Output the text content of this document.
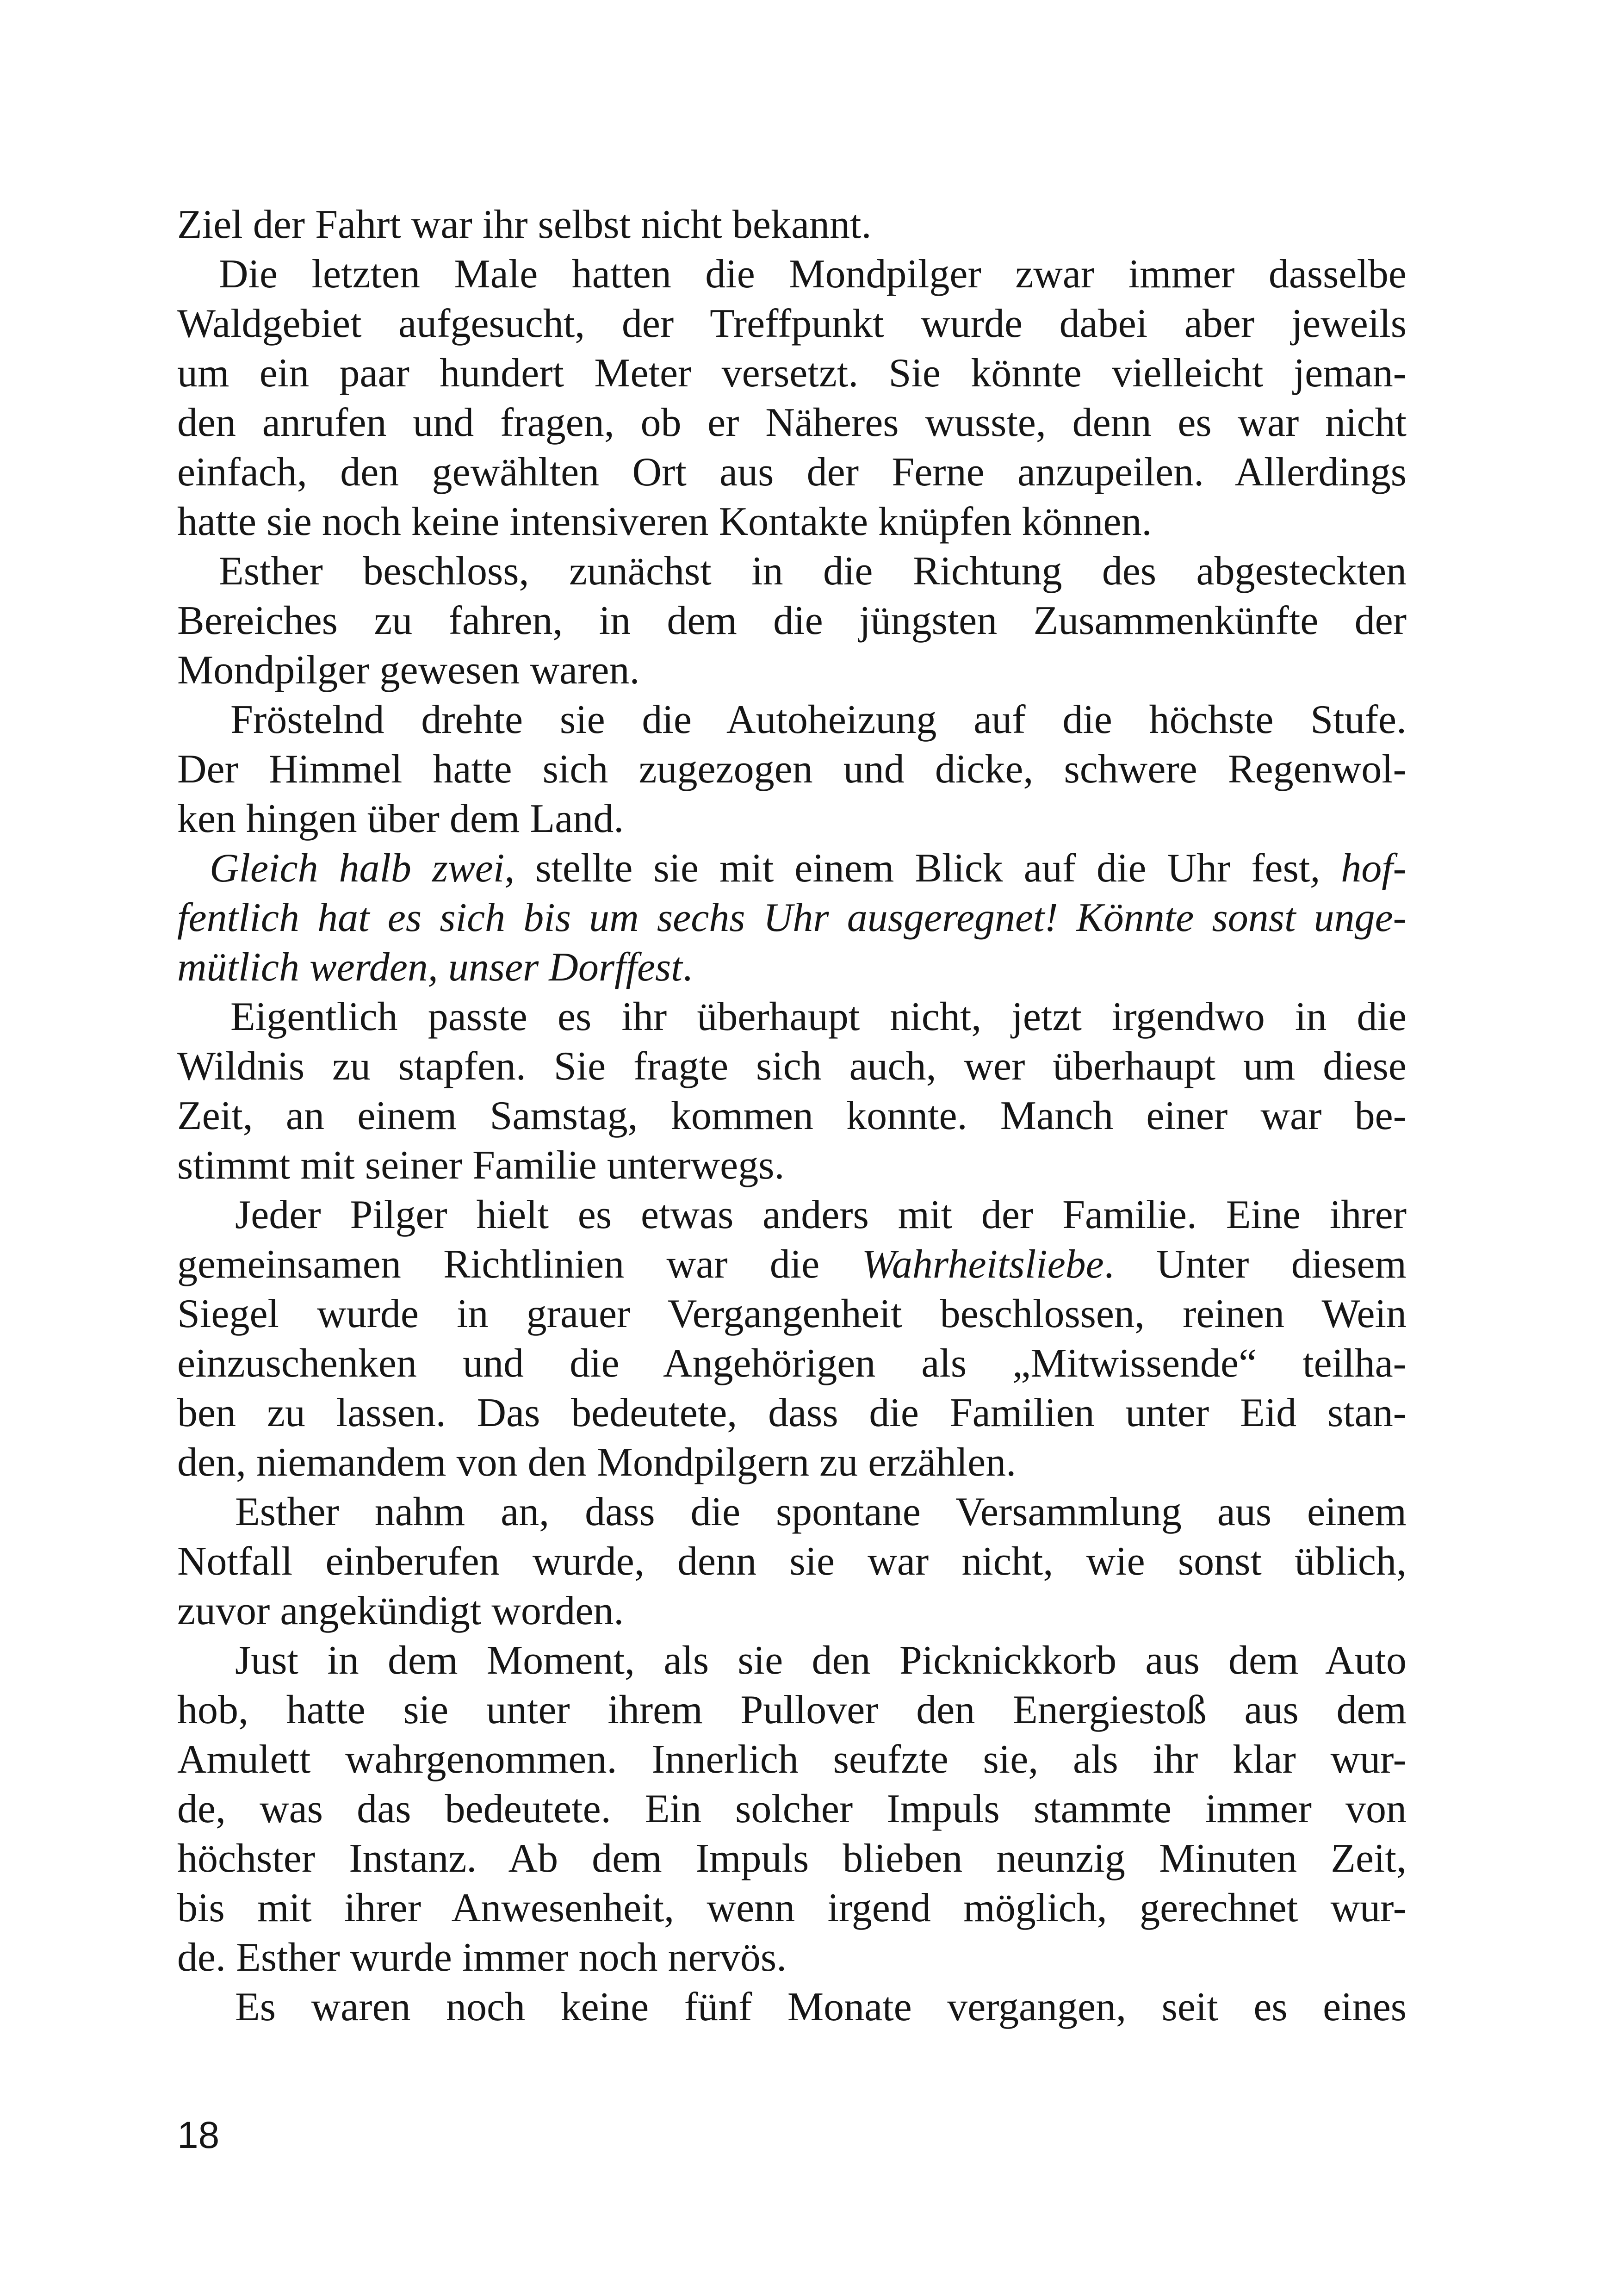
Ziel der Fahrt war ihr selbst nicht bekannt.
Die letzten Male hatten die Mondpilger zwar immer dasselbe
Waldgebiet aufgesucht, der Treffpunkt wurde dabei aber jeweils
um ein paar hundert Meter versetzt. Sie könnte vielleicht jeman-
den anrufen und fragen, ob er Näheres wusste, denn es war nicht
einfach, den gewählten Ort aus der Ferne anzupeilen. Allerdings
hatte sie noch keine intensiveren Kontakte knüpfen können.
Esther beschloss, zunächst in die Richtung des abgesteckten
Bereiches zu fahren, in dem die jüngsten Zusammenkünfte der
Mondpilger gewesen waren.
Fröstelnd drehte sie die Autoheizung auf die höchste Stufe.
Der Himmel hatte sich zugezogen und dicke, schwere Regenwol-
ken hingen über dem Land.
Gleich halb zwei, stellte sie mit einem Blick auf die Uhr fest, hof-
fentlich hat es sich bis um sechs Uhr ausgeregnet! Könnte sonst unge-
mütlich werden, unser Dorffest.
Eigentlich passte es ihr überhaupt nicht, jetzt irgendwo in die
Wildnis zu stapfen. Sie fragte sich auch, wer überhaupt um diese
Zeit, an einem Samstag, kommen konnte. Manch einer war be-
stimmt mit seiner Familie unterwegs.
Jeder Pilger hielt es etwas anders mit der Familie. Eine ihrer
gemeinsamen Richtlinien war die Wahrheitsliebe. Unter diesem
Siegel wurde in grauer Vergangenheit beschlossen, reinen Wein
einzuschenken und die Angehörigen als „Mitwissende“ teilha-
ben zu lassen. Das bedeutete, dass die Familien unter Eid stan-
den, niemandem von den Mondpilgern zu erzählen.
Esther nahm an, dass die spontane Versammlung aus einem
Notfall einberufen wurde, denn sie war nicht, wie sonst üblich,
zuvor angekündigt worden.
Just in dem Moment, als sie den Picknickkorb aus dem Auto
hob, hatte sie unter ihrem Pullover den Energiestoß aus dem
Amulett wahrgenommen. Innerlich seufzte sie, als ihr klar wur-
de, was das bedeutete. Ein solcher Impuls stammte immer von
höchster Instanz. Ab dem Impuls blieben neunzig Minuten Zeit,
bis mit ihrer Anwesenheit, wenn irgend möglich, gerechnet wur-
de. Esther wurde immer noch nervös.
Es waren noch keine fünf Monate vergangen, seit es eines
18
